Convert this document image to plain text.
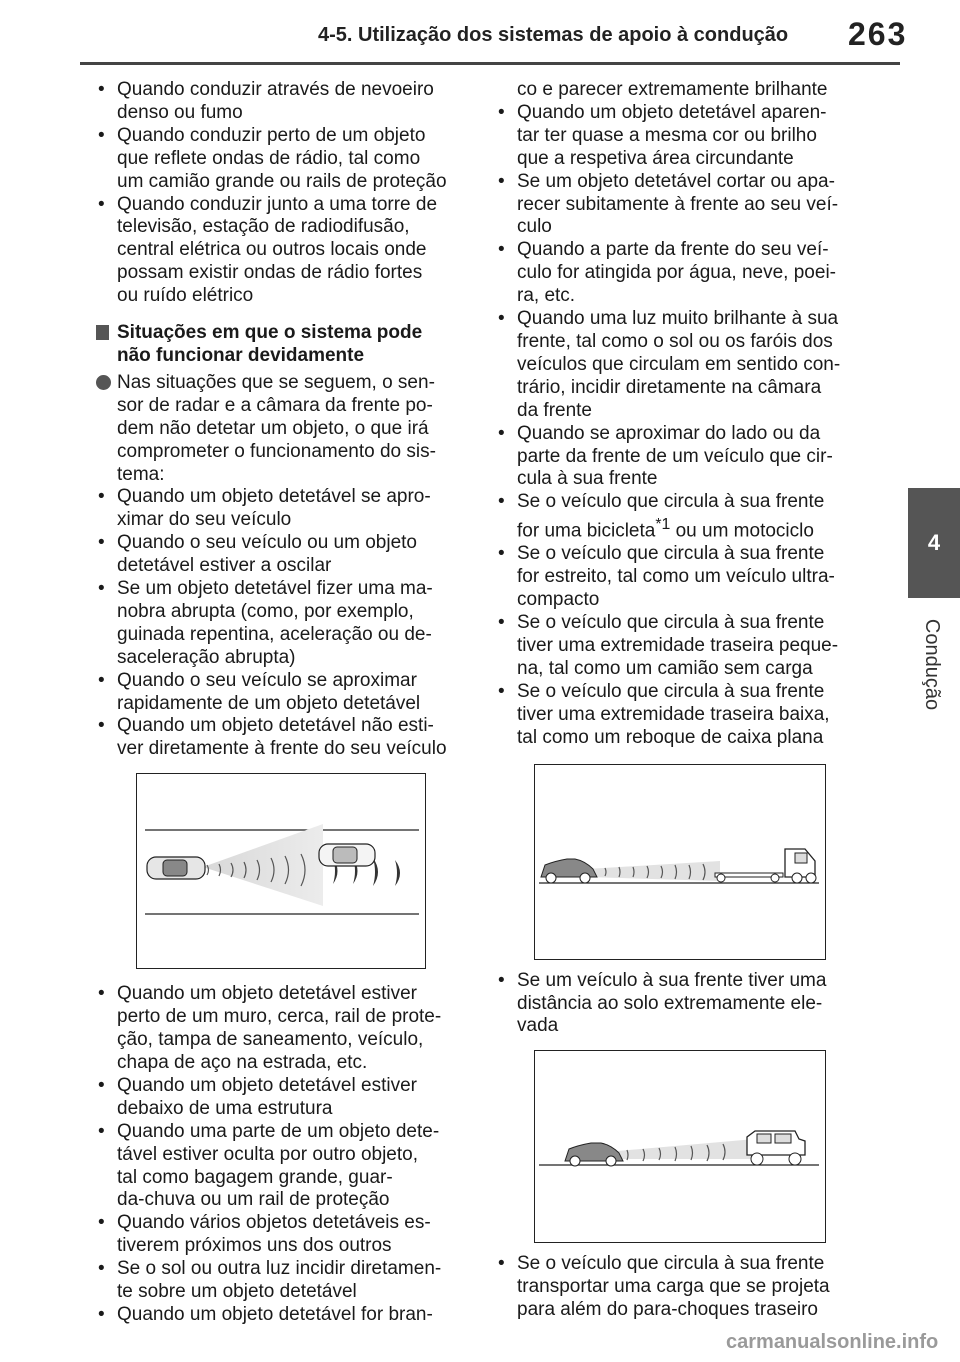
4-5. Utilização dos sistemas de apoio à condução 263
4
Condução

• Quando conduzir através de nevoeiro
denso ou fumo

• Quando conduzir perto de um objeto
que reflete ondas de rádio, tal como
um camião grande ou rails de proteção

• Quando conduzir junto a uma torre de
televisão, estação de radiodifusão,
central elétrica ou outros locais onde
possam existir ondas de rádio fortes
ou ruído elétrico

Situações em que o sistema pode
não funcionar devidamente
Nas situações que se seguem, o sen-
sor de radar e a câmara da frente po-
dem não detetar um objeto, o que irá
comprometer o funcionamento do sis-
tema:

• Quando um objeto detetável se apro-
ximar do seu veículo

• Quando o seu veículo ou um objeto
detetável estiver a oscilar

• Se um objeto detetável fizer uma ma-
nobra abrupta (como, por exemplo,
guinada repentina, aceleração ou de-
saceleração abrupta)

• Quando o seu veículo se aproximar
rapidamente de um objeto detetável

• Quando um objeto detetável não esti-
ver diretamente à frente do seu veículo

• Quando um objeto detetável estiver
perto de um muro, cerca, rail de prote-
ção, tampa de saneamento, veículo,
chapa de aço na estrada, etc.

• Quando um objeto detetável estiver
debaixo de uma estrutura

• Quando uma parte de um objeto dete-
tável estiver oculta por outro objeto,
tal como bagagem grande, guar-
da-chuva ou um rail de proteção

• Quando vários objetos detetáveis es-
tiverem próximos uns dos outros

• Se o sol ou outra luz incidir diretamen-
te sobre um objeto detetável

• Quando um objeto detetável for bran-

co e parecer extremamente brilhante

• Quando um objeto detetável aparen-
tar ter quase a mesma cor ou brilho
que a respetiva área circundante

• Se um objeto detetável cortar ou apa-
recer subitamente à frente ao seu veí-
culo

• Quando a parte da frente do seu veí-
culo for atingida por água, neve, poei-
ra, etc.

• Quando uma luz muito brilhante à sua
frente, tal como o sol ou os faróis dos
veículos que circulam em sentido con-
trário, incidir diretamente na câmara
da frente

• Quando se aproximar do lado ou da
parte da frente de um veículo que cir-
cula à sua frente

• Se o veículo que circula à sua frente
for uma bicicleta$^{*1}$ ou um motociclo

• Se o veículo que circula à sua frente
for estreito, tal como um veículo ultra-
compacto

• Se o veículo que circula à sua frente
tiver uma extremidade traseira peque-
na, tal como um camião sem carga

• Se o veículo que circula à sua frente
tiver uma extremidade traseira baixa,
tal como um reboque de caixa plana

• Se um veículo à sua frente tiver uma
distância ao solo extremamente ele-
vada

• Se o veículo que circula à sua frente
transportar uma carga que se projeta
para além do para-choques traseiro

carmanualsonline.info
